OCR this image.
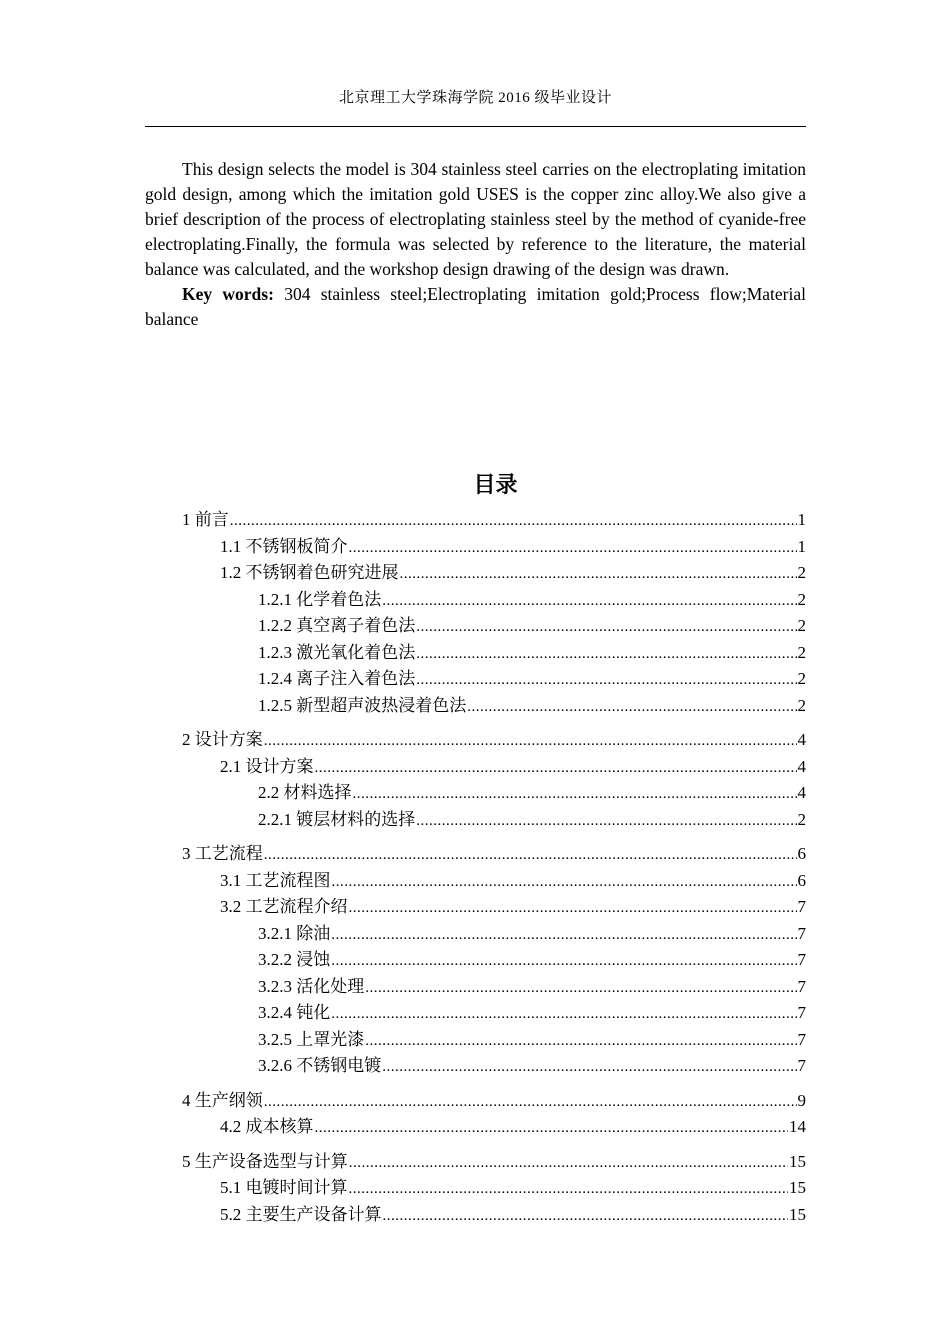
北京理工大学珠海学院 2016 级毕业设计

This design selects the model is 304 stainless steel carries on the electroplating imitation gold design, among which the imitation gold USES is the copper zinc alloy.We also give a brief description of the process of electroplating stainless steel by the method of cyanide-free electroplating.Finally, the formula was selected by reference to the literature, the material balance was calculated, and the workshop design drawing of the design was drawn.

Key words: 304 stainless steel;Electroplating imitation gold;Process flow;Material balance

目录
1 前言 .....	1
1.1 不锈钢板简介 .....	1
1.2 不锈钢着色研究进展 .....	2
1.2.1 化学着色法 .....	2
1.2.2 真空离子着色法 .....	2
1.2.3 激光氧化着色法 .....	2
1.2.4 离子注入着色法 .....	2
1.2.5 新型超声波热浸着色法 .....	2
2 设计方案 .....	4
2.1 设计方案 .....	4
2.2 材料选择 .....	4
2.2.1 镀层材料的选择 .....	2
3 工艺流程 .....	6
3.1 工艺流程图 .....	6
3.2 工艺流程介绍 .....	7
3.2.1 除油 .....	7
3.2.2 浸蚀 .....	7
3.2.3 活化处理 .....	7
3.2.4 钝化 .....	7
3.2.5 上罩光漆 .....	7
3.2.6 不锈钢电镀 .....	7
4 生产纲领 .....	9
4.2 成本核算 .....	14
5 生产设备选型与计算 .....	15
5.1 电镀时间计算 .....	15
5.2 主要生产设备计算 .....	15
